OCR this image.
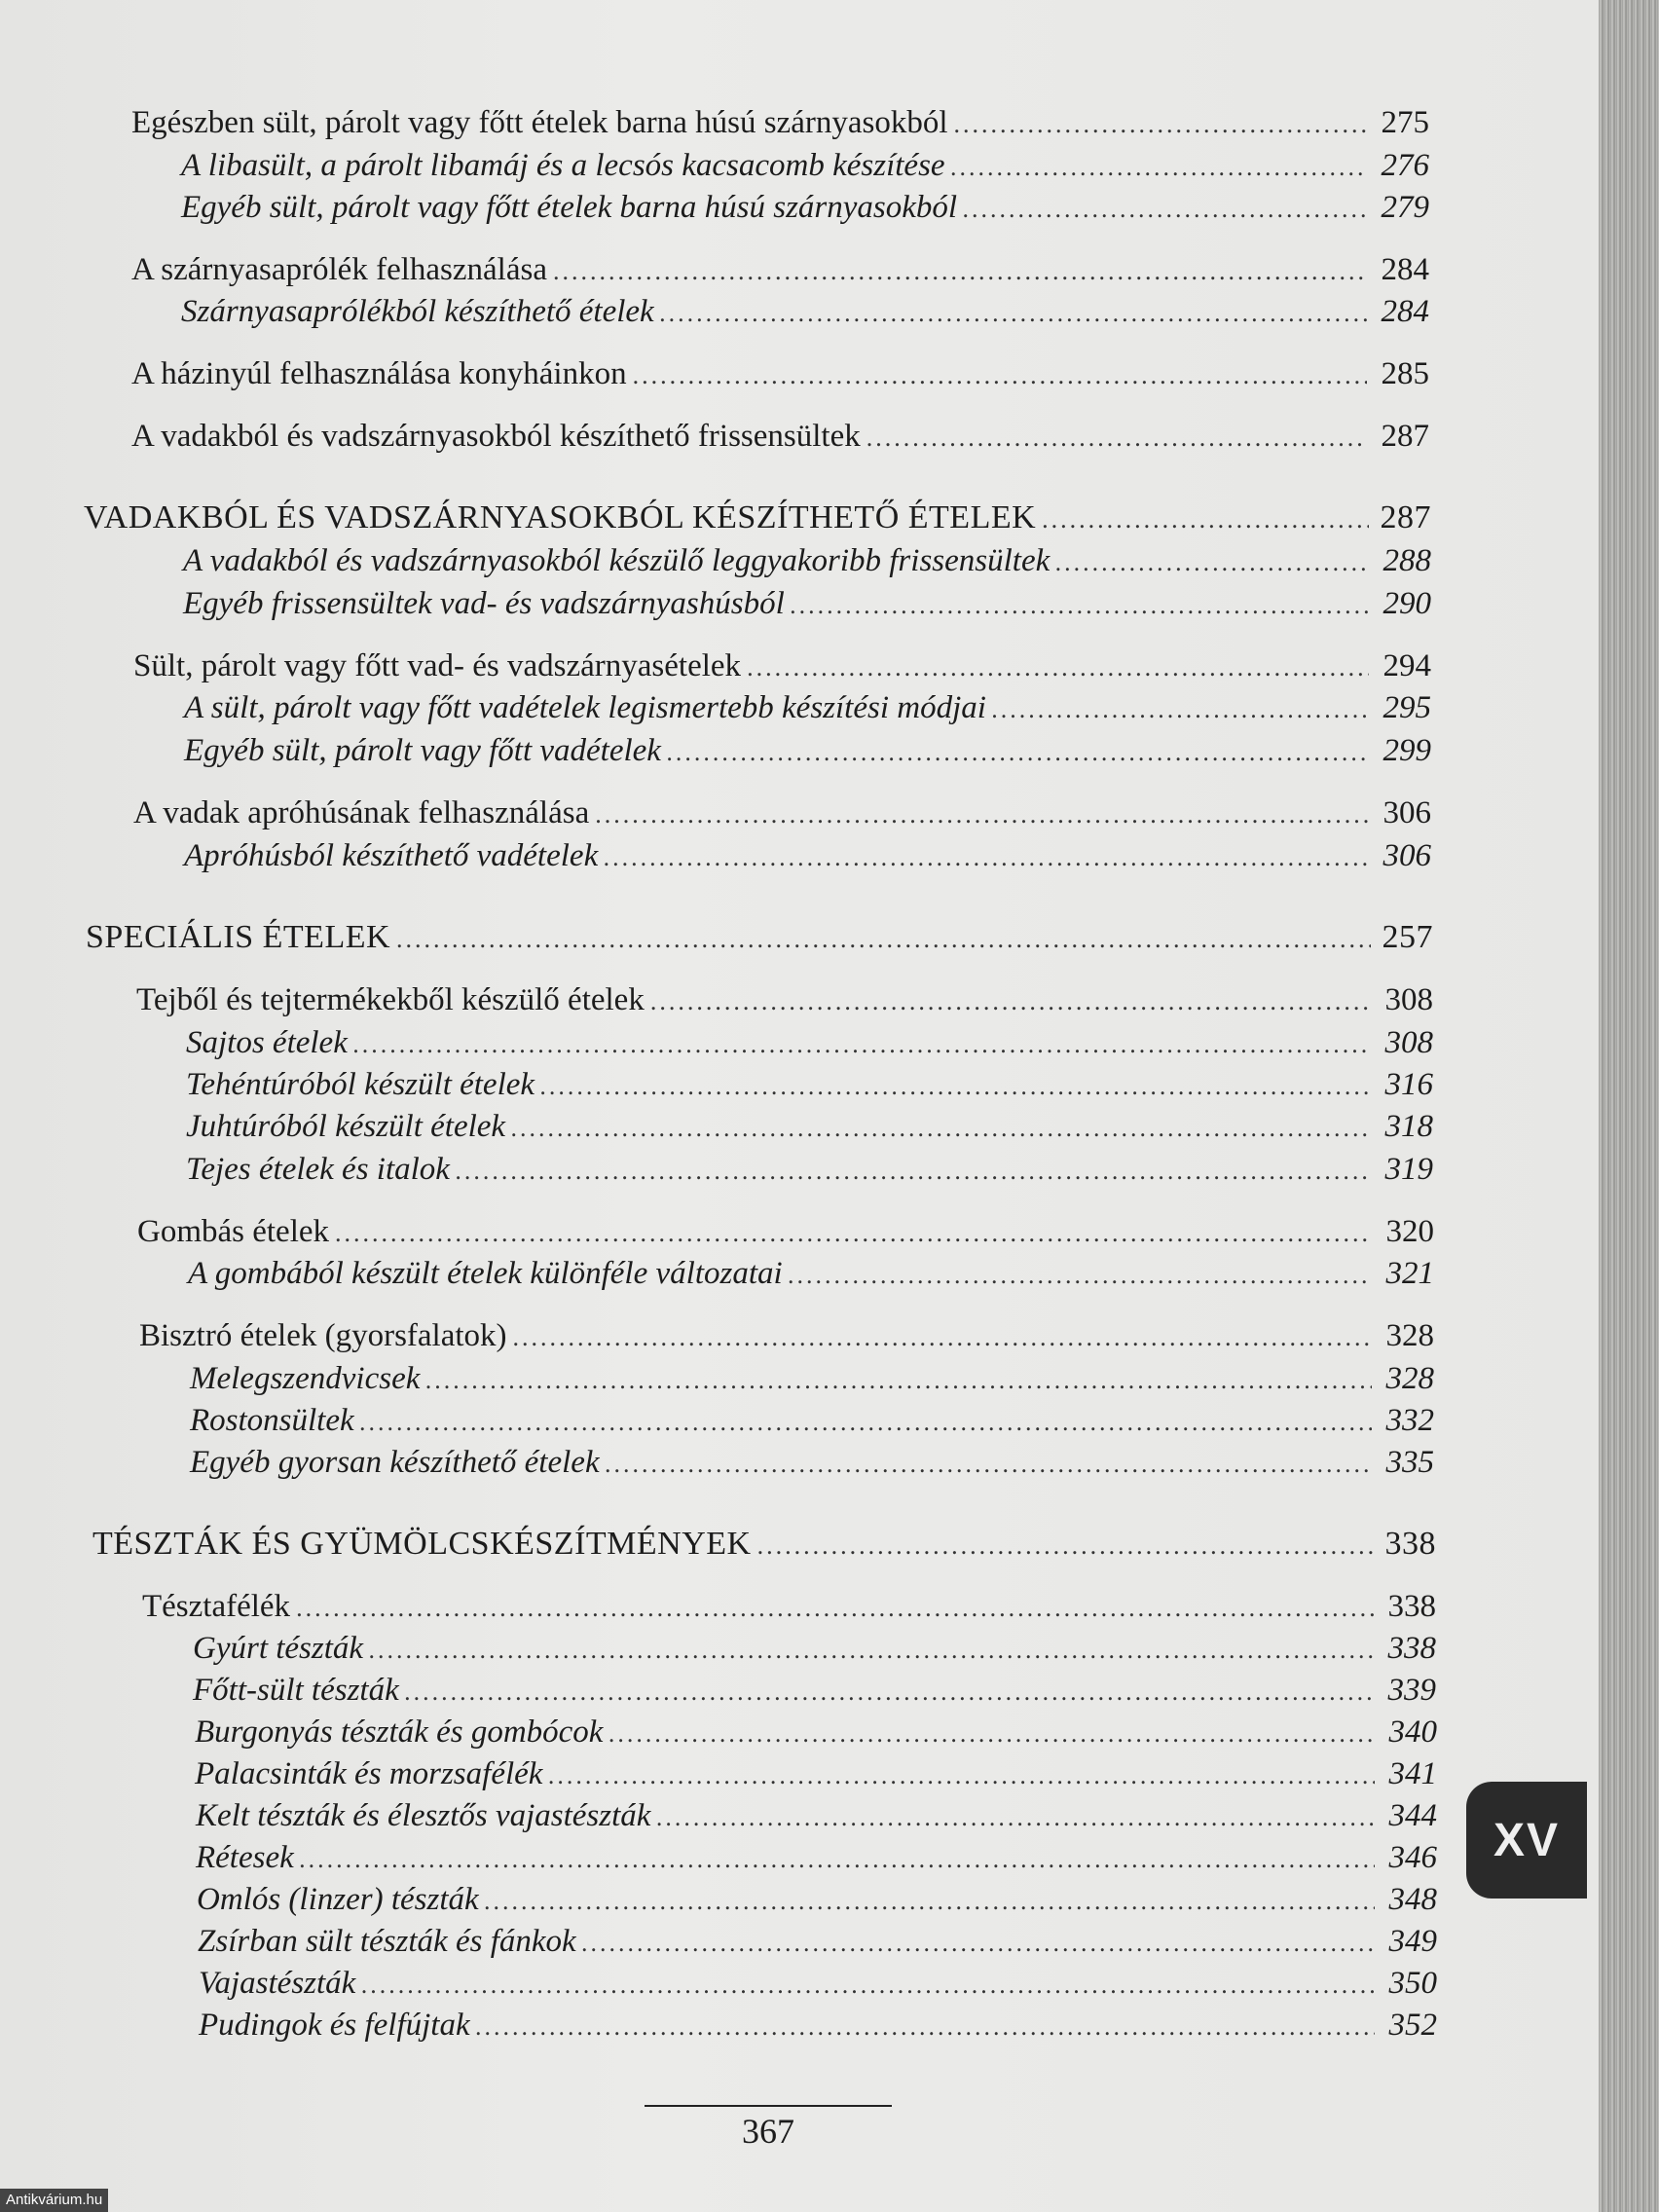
Egészben sült, párolt vagy főtt ételek barna húsú szárnyasokból .....	275
A libasült, a párolt libamáj és a lecsós kacsacomb készítése .....	276
Egyéb sült, párolt vagy főtt ételek barna húsú szárnyasokból .....	279
A szárnyasaprólék felhasználása .....	284
Szárnyasaprólékból készíthető ételek .....	284
A házinyúl felhasználása konyháinkon .....	285
A vadakból és vadszárnyasokból készíthető frissensültek .....	287
VADAKBÓL ÉS VADSZÁRNYASOKBÓL KÉSZÍTHETŐ ÉTELEK .....	287
A vadakból és vadszárnyasokból készülő leggyakoribb frissensültek .....	288
Egyéb frissensültek vad- és vadszárnyashúsból .....	290
Sült, párolt vagy főtt vad- és vadszárnyasételek .....	294
A sült, párolt vagy főtt vadételek legismertebb készítési módjai .....	295
Egyéb sült, párolt vagy főtt vadételek .....	299
A vadak apróhúsának felhasználása .....	306
Apróhúsból készíthető vadételek .....	306
SPECIÁLIS ÉTELEK .....	257
Tejből és tejtermékekből készülő ételek .....	308
Sajtos ételek .....	308
Tehéntúróból készült ételek .....	316
Juhtúróból készült ételek .....	318
Tejes ételek és italok .....	319
Gombás ételek .....	320
A gombából készült ételek különféle változatai .....	321
Bisztró ételek (gyorsfalatok) .....	328
Melegszendvicsek .....	328
Rostonsültek .....	332
Egyéb gyorsan készíthető ételek .....	335
TÉSZTÁK ÉS GYÜMÖLCSKÉSZÍTMÉNYEK .....	338
Tésztafélék .....	338
Gyúrt tészták .....	338
Főtt-sült tészták .....	339
Burgonyás tészták és gombócok .....	340
Palacsinták és morzsafélék .....	341
Kelt tészták és élesztős vajastészták .....	344
Rétesek .....	346
Omlós (linzer) tészták .....	348
Zsírban sült tészták és fánkok .....	349
Vajastészták .....	350
Pudingok és felfújtak .....	352
367
XV
Antikvárium.hu
